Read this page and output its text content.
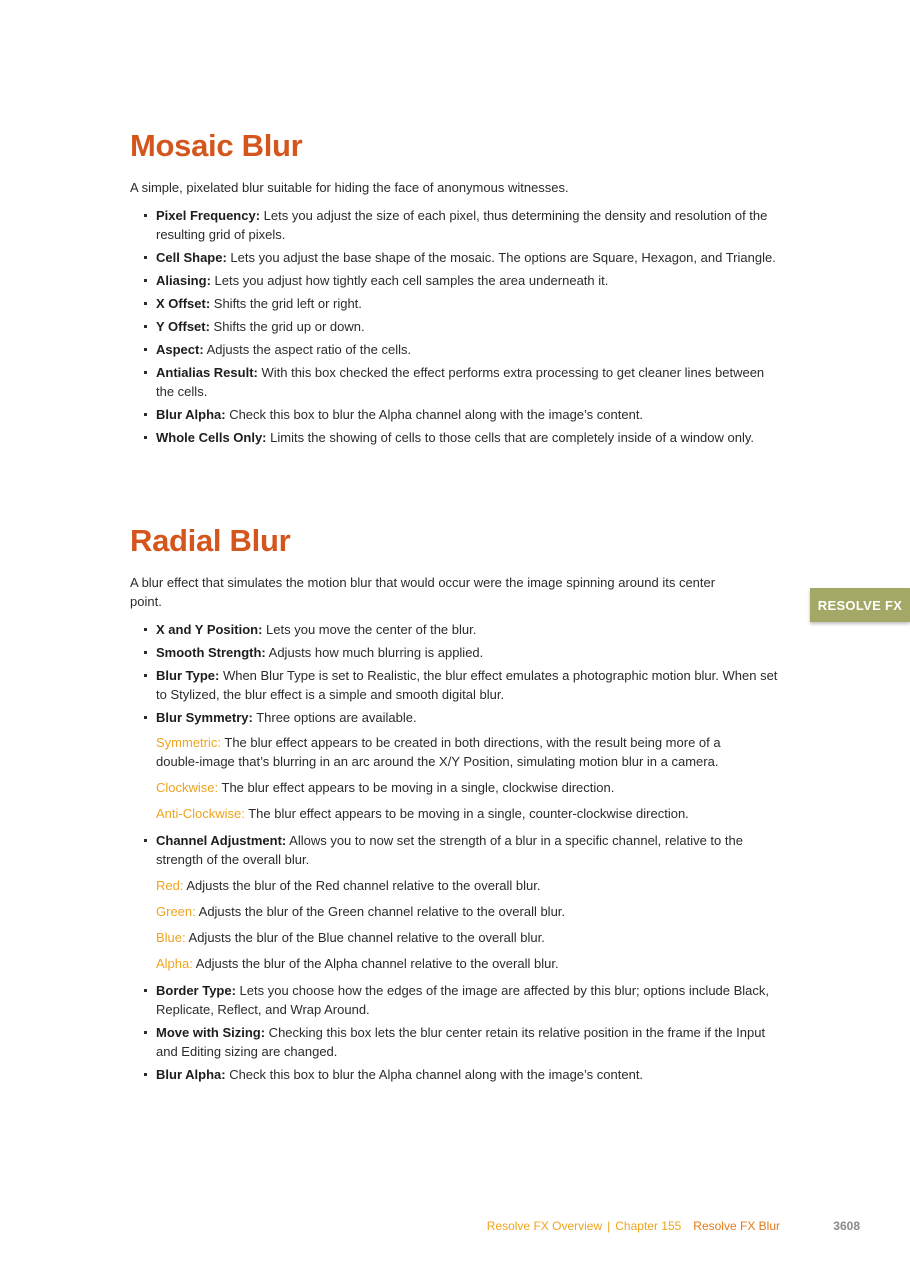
Mosaic Blur

A simple, pixelated blur suitable for hiding the face of anonymous witnesses.

Pixel Frequency: Lets you adjust the size of each pixel, thus determining the density and resolution of the resulting grid of pixels.
Cell Shape: Lets you adjust the base shape of the mosaic. The options are Square, Hexagon, and Triangle.
Aliasing: Lets you adjust how tightly each cell samples the area underneath it.
X Offset: Shifts the grid left or right.
Y Offset: Shifts the grid up or down.
Aspect: Adjusts the aspect ratio of the cells.
Antialias Result: With this box checked the effect performs extra processing to get cleaner lines between the cells.
Blur Alpha: Check this box to blur the Alpha channel along with the image’s content.
Whole Cells Only: Limits the showing of cells to those cells that are completely inside of a window only.
Radial Blur

A blur effect that simulates the motion blur that would occur were the image spinning around its center point.

X and Y Position: Lets you move the center of the blur.
Smooth Strength: Adjusts how much blurring is applied.
Blur Type: When Blur Type is set to Realistic, the blur effect emulates a photographic motion blur. When set to Stylized, the blur effect is a simple and smooth digital blur.
Blur Symmetry: Three options are available.

Symmetric: The blur effect appears to be created in both directions, with the result being more of a double-image that’s blurring in an arc around the X/Y Position, simulating motion blur in a camera.

Clockwise: The blur effect appears to be moving in a single, clockwise direction.

Anti-Clockwise: The blur effect appears to be moving in a single, counter-clockwise direction.

Channel Adjustment: Allows you to now set the strength of a blur in a specific channel, relative to the strength of the overall blur.

Red: Adjusts the blur of the Red channel relative to the overall blur.

Green: Adjusts the blur of the Green channel relative to the overall blur.

Blue: Adjusts the blur of the Blue channel relative to the overall blur.

Alpha: Adjusts the blur of the Alpha channel relative to the overall blur.

Border Type: Lets you choose how the edges of the image are affected by this blur; options include Black, Replicate, Reflect, and Wrap Around.
Move with Sizing: Checking this box lets the blur center retain its relative position in the frame if the Input and Editing sizing are changed.
Blur Alpha: Check this box to blur the Alpha channel along with the image’s content.
RESOLVE FX
Resolve FX Overview | Chapter 155 Resolve FX Blur	3608
